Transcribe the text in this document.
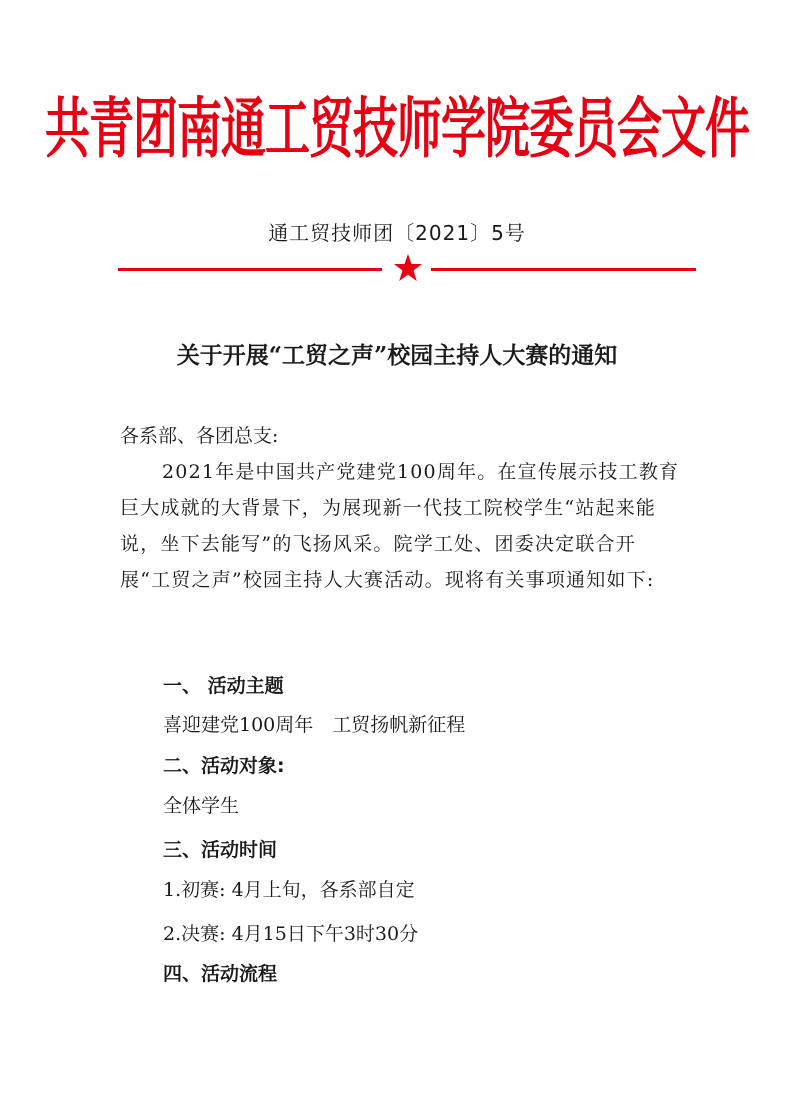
共青团南通工贸技师学院委员会文件
通工贸技师团〔2021〕5号
关于开展“工贸之声”校园主持人大赛的通知
各系部、各团总支:
2021年是中国共产党建党100周年。在宣传展示技工教育巨大成就的大背景下，为展现新一代技工院校学生“站起来能说，坐下去能写”的飞扬风采。院学工处、团委决定联合开展“工贸之声”校园主持人大赛活动。现将有关事项通知如下:
一、 活动主题
喜迎建党100周年　工贸扬帆新征程
二、活动对象:
全体学生
三、活动时间
1.初赛: 4月上旬，各系部自定
2.决赛: 4月15日下午3时30分
四、活动流程
